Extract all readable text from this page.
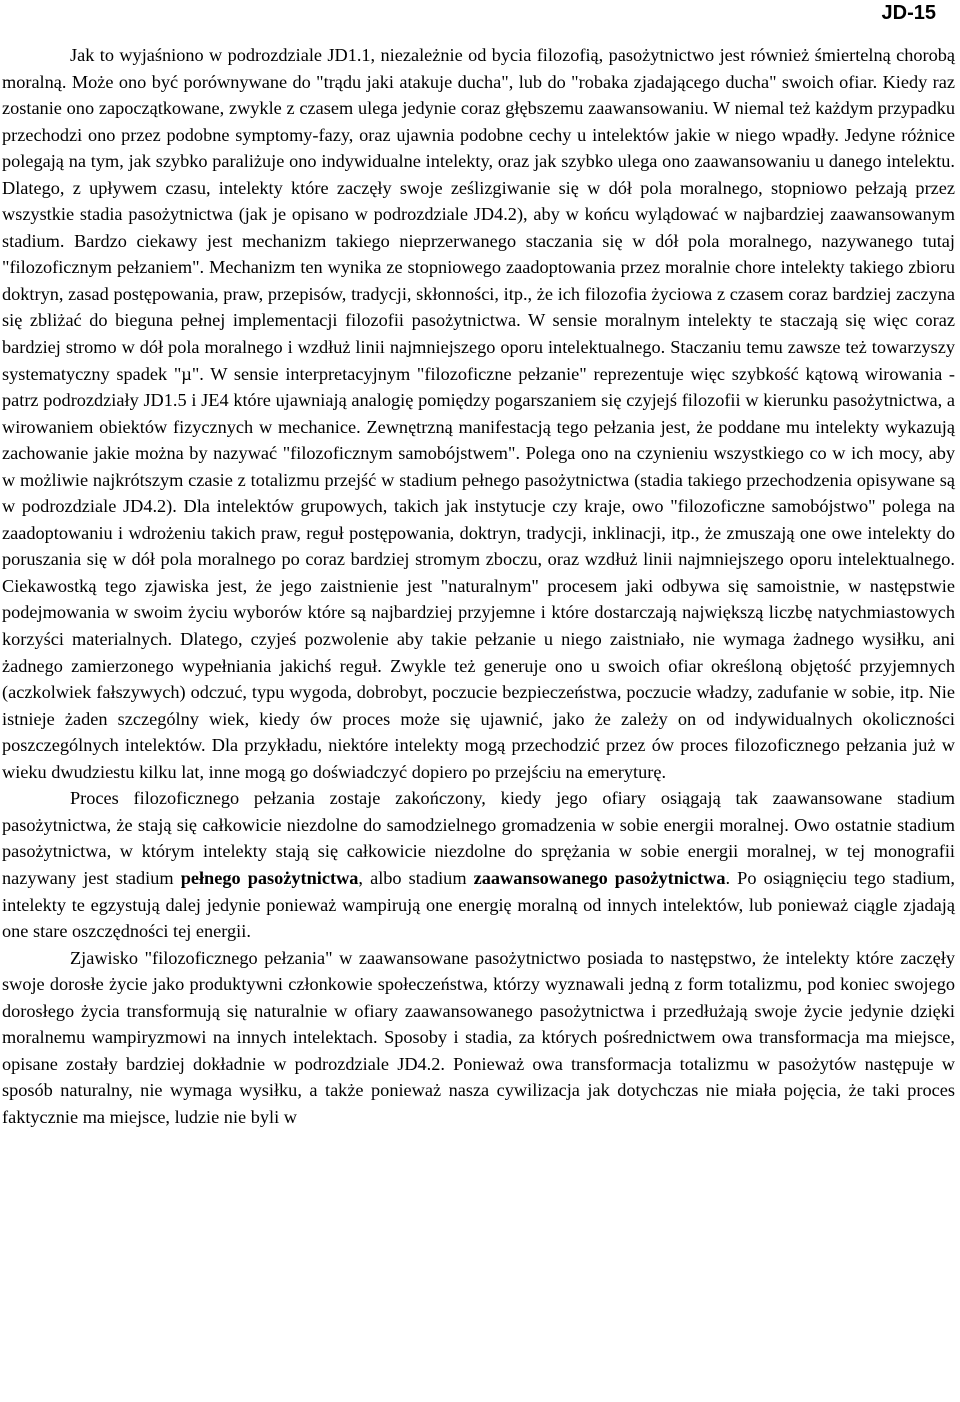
JD-15

Jak to wyjaśniono w podrozdziale JD1.1, niezależnie od bycia filozofią, pasożytnictwo jest również śmiertelną chorobą moralną. Może ono być porównywane do "trądu jaki atakuje ducha", lub do "robaka zjadającego ducha" swoich ofiar. Kiedy raz zostanie ono zapoczątkowane, zwykle z czasem ulega jedynie coraz głębszemu zaawansowaniu. W niemal też każdym przypadku przechodzi ono przez podobne symptomy-fazy, oraz ujawnia podobne cechy u intelektów jakie w niego wpadły. Jedyne różnice polegają na tym, jak szybko paraliżuje ono indywidualne intelekty, oraz jak szybko ulega ono zaawansowaniu u danego intelektu. Dlatego, z upływem czasu, intelekty które zaczęły swoje ześlizgiwanie się w dół pola moralnego, stopniowo pełzają przez wszystkie stadia pasożytnictwa (jak je opisano w podrozdziale JD4.2), aby w końcu wylądować w najbardziej zaawansowanym stadium. Bardzo ciekawy jest mechanizm takiego nieprzerwanego staczania się w dół pola moralnego, nazywanego tutaj "filozoficznym pełzaniem". Mechanizm ten wynika ze stopniowego zaadoptowania przez moralnie chore intelekty takiego zbioru doktryn, zasad postępowania, praw, przepisów, tradycji, skłonności, itp., że ich filozofia życiowa z czasem coraz bardziej zaczyna się zbliżać do bieguna pełnej implementacji filozofii pasożytnictwa. W sensie moralnym intelekty te staczają się więc coraz bardziej stromo w dół pola moralnego i wzdłuż linii najmniejszego oporu intelektualnego. Staczaniu temu zawsze też towarzyszy systematyczny spadek "µ". W sensie interpretacyjnym "filozoficzne pełzanie" reprezentuje więc szybkość kątową wirowania - patrz podrozdziały JD1.5 i JE4 które ujawniają analogię pomiędzy pogarszaniem się czyjejś filozofii w kierunku pasożytnictwa, a wirowaniem obiektów fizycznych w mechanice. Zewnętrzną manifestacją tego pełzania jest, że poddane mu intelekty wykazują zachowanie jakie można by nazywać "filozoficznym samobójstwem". Polega ono na czynieniu wszystkiego co w ich mocy, aby w możliwie najkrótszym czasie z totalizmu przejść w stadium pełnego pasożytnictwa (stadia takiego przechodzenia opisywane są w podrozdziale JD4.2). Dla intelektów grupowych, takich jak instytucje czy kraje, owo "filozoficzne samobójstwo" polega na zaadoptowaniu i wdrożeniu takich praw, reguł postępowania, doktryn, tradycji, inklinacji, itp., że zmuszają one owe intelekty do poruszania się w dół pola moralnego po coraz bardziej stromym zboczu, oraz wzdłuż linii najmniejszego oporu intelektualnego. Ciekawostką tego zjawiska jest, że jego zaistnienie jest "naturalnym" procesem jaki odbywa się samoistnie, w następstwie podejmowania w swoim życiu wyborów które są najbardziej przyjemne i które dostarczają największą liczbę natychmiastowych korzyści materialnych. Dlatego, czyjeś pozwolenie aby takie pełzanie u niego zaistniało, nie wymaga żadnego wysiłku, ani żadnego zamierzonego wypełniania jakichś reguł. Zwykle też generuje ono u swoich ofiar określoną objętość przyjemnych (aczkolwiek fałszywych) odczuć, typu wygoda, dobrobyt, poczucie bezpieczeństwa, poczucie władzy, zadufanie w sobie, itp. Nie istnieje żaden szczególny wiek, kiedy ów proces może się ujawnić, jako że zależy on od indywidualnych okoliczności poszczególnych intelektów. Dla przykładu, niektóre intelekty mogą przechodzić przez ów proces filozoficznego pełzania już w wieku dwudziestu kilku lat, inne mogą go doświadczyć dopiero po przejściu na emeryturę.

Proces filozoficznego pełzania zostaje zakończony, kiedy jego ofiary osiągają tak zaawansowane stadium pasożytnictwa, że stają się całkowicie niezdolne do samodzielnego gromadzenia w sobie energii moralnej. Owo ostatnie stadium pasożytnictwa, w którym intelekty stają się całkowicie niezdolne do sprężania w sobie energii moralnej, w tej monografii nazywany jest stadium pełnego pasożytnictwa, albo stadium zaawansowanego pasożytnictwa. Po osiągnięciu tego stadium, intelekty te egzystują dalej jedynie ponieważ wampirują one energię moralną od innych intelektów, lub ponieważ ciągle zjadają one stare oszczędności tej energii.

Zjawisko "filozoficznego pełzania" w zaawansowane pasożytnictwo posiada to następstwo, że intelekty które zaczęły swoje dorosłe życie jako produktywni członkowie społeczeństwa, którzy wyznawali jedną z form totalizmu, pod koniec swojego dorosłego życia transformują się naturalnie w ofiary zaawansowanego pasożytnictwa i przedłużają swoje życie jedynie dzięki moralnemu wampiryzmowi na innych intelektach. Sposoby i stadia, za których pośrednictwem owa transformacja ma miejsce, opisane zostały bardziej dokładnie w podrozdziale JD4.2. Ponieważ owa transformacja totalizmu w pasożytów następuje w sposób naturalny, nie wymaga wysiłku, a także ponieważ nasza cywilizacja jak dotychczas nie miała pojęcia, że taki proces faktycznie ma miejsce, ludzie nie byli w
